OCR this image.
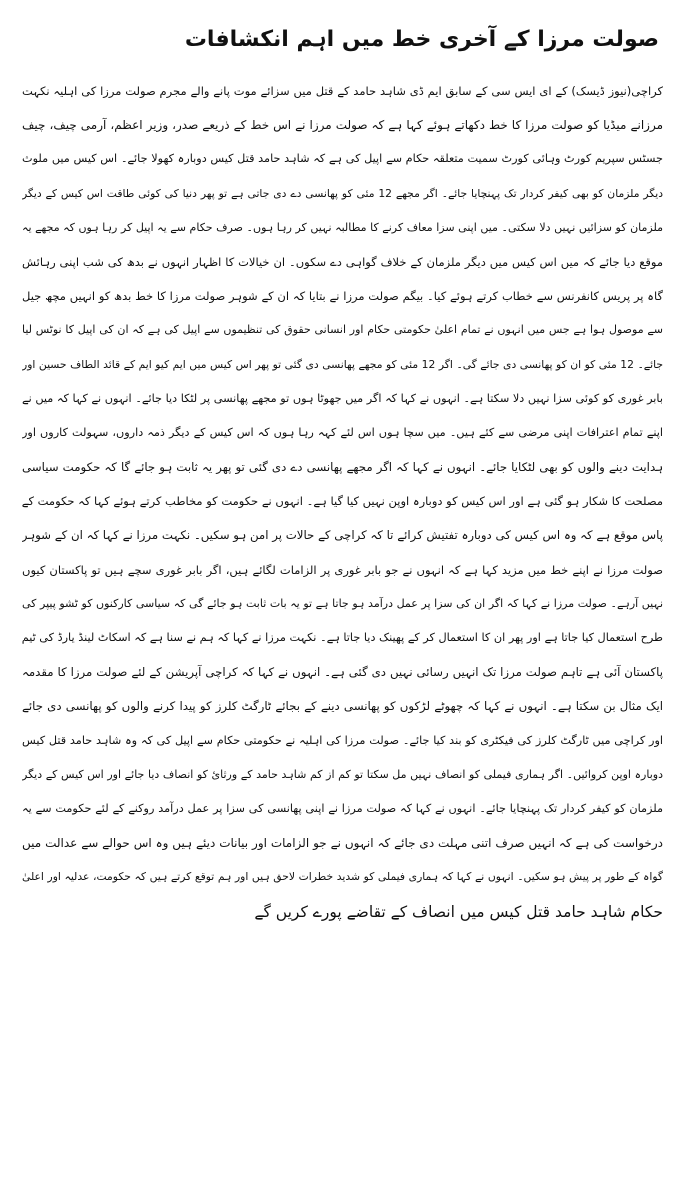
صولت مرزا کے آخری خط میں اہم انکشافات
کراچی(نیوز ڈیسک) کے ای ایس سی کے سابق ایم ڈی شاہد حامد کے قتل میں سزائے موت پانے والے مجرم صولت مرزا کی اہلیہ نکہت
مرزانے میڈیا کو صولت مرزا کا خط دکھاتے ہوئے کہا ہے کہ صولت مرزا نے اس خط کے ذریعے صدر، وزیر اعظم، آرمی چیف، چیف
جسٹس سپریم کورٹ وہائی کورٹ سمیت متعلقہ حکام سے اپیل کی ہے کہ شاہد حامد قتل کیس دوبارہ کھولا جائے۔ اس کیس میں ملوث
دیگر ملزمان کو بھی کیفر کردار تک پہنچایا جائے۔ اگر مجھے 12 مئی کو پھانسی دے دی جاتی ہے تو پھر دنیا کی کوئی طاقت اس کیس کے دیگر
ملزمان کو سزائیں نہیں دلا سکتی۔ میں اپنی سزا معاف کرنے کا مطالبہ نہیں کر رہا ہوں۔ صرف حکام سے یہ اپیل کر رہا ہوں کہ مجھے یہ
موقع دیا جائے کہ میں اس کیس میں دیگر ملزمان کے خلاف گواہی دے سکوں۔ ان خیالات کا اظہار انہوں نے بدھ کی شب اپنی رہائش
گاہ پر پریس کانفرنس سے خطاب کرتے ہوئے کیا۔ بیگم صولت مرزا نے بتایا کہ ان کے شوہر صولت مرزا کا خط بدھ کو انہیں مچھ جیل
سے موصول ہوا ہے جس میں انہوں نے تمام اعلیٰ حکومتی حکام اور انسانی حقوق کی تنظیموں سے اپیل کی ہے کہ ان کی اپیل کا نوٹس لیا
جائے۔ 12 مئی کو ان کو پھانسی دی جائے گی۔ اگر 12 مئی کو مجھے پھانسی دی گئی تو پھر اس کیس میں ایم کیو ایم کے قائد الطاف حسین اور
بابر غوری کو کوئی سزا نہیں دلا سکتا ہے۔ انہوں نے کہا کہ اگر میں جھوٹا ہوں تو مجھے پھانسی پر لٹکا دیا جائے۔ انہوں نے کہا کہ میں نے
اپنے تمام اعترافات اپنی مرضی سے کئے ہیں۔ میں سچا ہوں اس لئے کہہ رہا ہوں کہ اس کیس کے دیگر ذمہ داروں، سہولت کاروں اور
ہدایت دینے والوں کو بھی لٹکایا جائے۔ انہوں نے کہا کہ اگر مجھے پھانسی دے دی گئی تو پھر یہ ثابت ہو جائے گا کہ حکومت سیاسی
مصلحت کا شکار ہو گئی ہے اور اس کیس کو دوبارہ اوپن نہیں کیا گیا ہے۔ انہوں نے حکومت کو مخاطب کرتے ہوئے کہا کہ حکومت کے
پاس موقع ہے کہ وہ اس کیس کی دوبارہ تفتیش کرائے تا کہ کراچی کے حالات پر امن ہو سکیں۔ نکہت مرزا نے کہا کہ ان کے شوہر
صولت مرزا نے اپنے خط میں مزید کہا ہے کہ انہوں نے جو بابر غوری پر الزامات لگائے ہیں، اگر بابر غوری سچے ہیں تو پاکستان کیوں
نہیں آرہے۔ صولت مرزا نے کہا کہ اگر ان کی سزا پر عمل درآمد ہو جاتا ہے تو یہ بات ثابت ہو جائے گی کہ سیاسی کارکنوں کو ٹشو پیپر کی
طرح استعمال کیا جاتا ہے اور پھر ان کا استعمال کر کے پھینک دیا جاتا ہے۔ نکہت مرزا نے کہا کہ ہم نے سنا ہے کہ اسکاٹ لینڈ یارڈ کی ٹیم
پاکستان آئی ہے تاہم صولت مرزا تک انہیں رسائی نہیں دی گئی ہے۔ انہوں نے کہا کہ کراچی آپریشن کے لئے صولت مرزا کا مقدمہ
ایک مثال بن سکتا ہے۔ انہوں نے کہا کہ چھوٹے لڑکوں کو پھانسی دینے کے بجائے ٹارگٹ کلرز کو پیدا کرنے والوں کو پھانسی دی جائے
اور کراچی میں ٹارگٹ کلرز کی فیکٹری کو بند کیا جائے۔ صولت مرزا کی اہلیہ نے حکومتی حکام سے اپیل کی کہ وہ شاہد حامد قتل کیس
دوبارہ اوپن کروائیں۔ اگر ہماری فیملی کو انصاف نہیں مل سکتا تو کم از کم شاہد حامد کے ورثائ کو انصاف دیا جائے اور اس کیس کے دیگر
ملزمان کو کیفر کردار تک پہنچایا جائے۔ انہوں نے کہا کہ صولت مرزا نے اپنی پھانسی کی سزا پر عمل درآمد روکنے کے لئے حکومت سے یہ
درخواست کی ہے کہ انہیں صرف اتنی مہلت دی جائے کہ انہوں نے جو الزامات اور بیانات دیئے ہیں وہ اس حوالے سے عدالت میں
گواہ کے طور پر پیش ہو سکیں۔ انہوں نے کہا کہ ہماری فیملی کو شدید خطرات لاحق ہیں اور ہم توقع کرتے ہیں کہ حکومت، عدلیہ اور اعلیٰ
حکام شاہد حامد قتل کیس میں انصاف کے تقاضے پورے کریں گے
